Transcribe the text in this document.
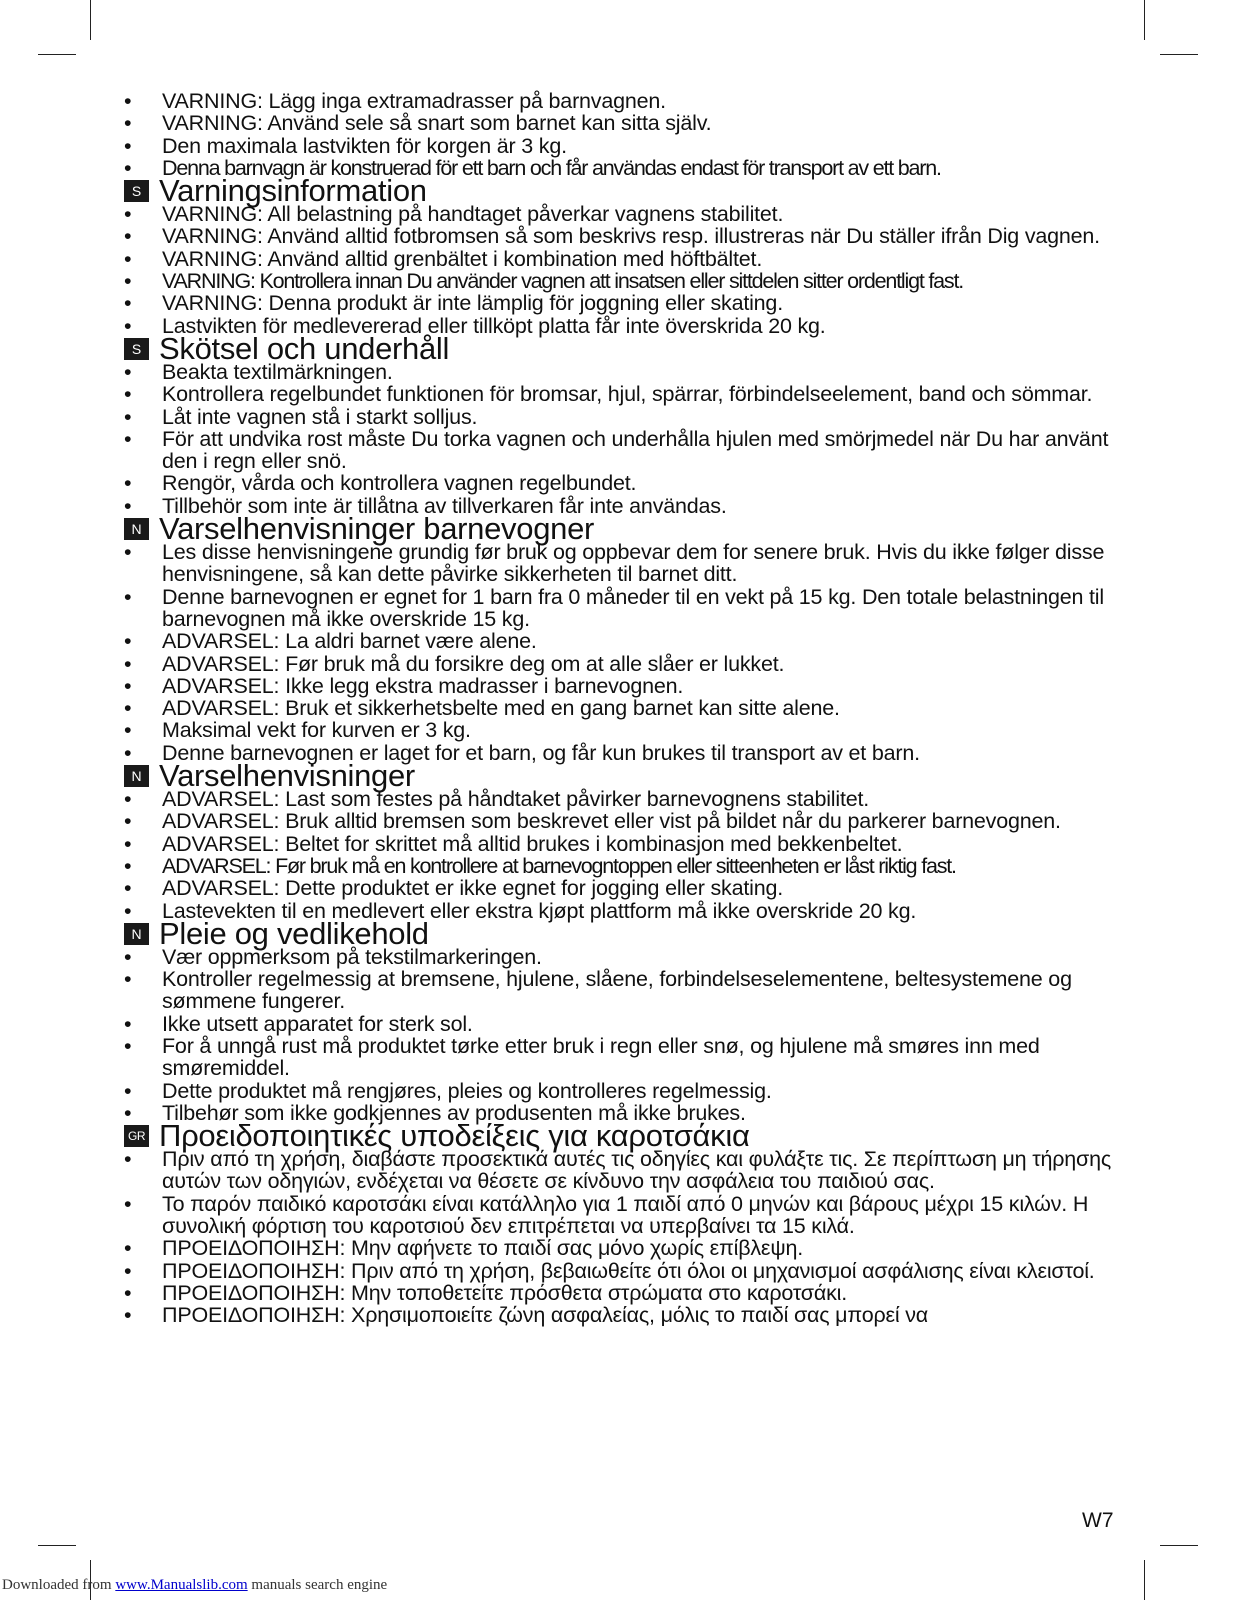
• VARNING: Lägg inga extramadrasser på barnvagnen.
• VARNING: Använd sele så snart som barnet kan sitta själv.
• Den maximala lastvikten för korgen är 3 kg.
• Denna barnvagn är konstruerad för ett barn och får användas endast för transport av ett barn.
S Varningsinformation
• VARNING: All belastning på handtaget påverkar vagnens stabilitet.
• VARNING: Använd alltid fotbromsen så som beskrivs resp. illustreras när Du ställer ifrån Dig vagnen.
• VARNING: Använd alltid grenbältet i kombination med höftbältet.
• VARNING: Kontrollera innan Du använder vagnen att insatsen eller sittdelen sitter ordentligt fast.
• VARNING: Denna produkt är inte lämplig för joggning eller skating.
• Lastvikten för medlevererad eller tillköpt platta får inte överskrida 20 kg.
S Skötsel och underhåll
• Beakta textilmärkningen.
• Kontrollera regelbundet funktionen för bromsar, hjul, spärrar, förbindelseelement, band och sömmar.
• Låt inte vagnen stå i starkt solljus.
• För att undvika rost måste Du torka vagnen och underhålla hjulen med smörjmedel när Du har använt den i regn eller snö.
• Rengör, vårda och kontrollera vagnen regelbundet.
• Tillbehör som inte är tillåtna av tillverkaren får inte användas.
N Varselhenvisninger barnevogner
• Les disse henvisningene grundig før bruk og oppbevar dem for senere bruk. Hvis du ikke følger disse henvisningene, så kan dette påvirke sikkerheten til barnet ditt.
• Denne barnevognen er egnet for 1 barn fra 0 måneder til en vekt på 15 kg. Den totale belastningen til barnevognen må ikke overskride 15 kg.
• ADVARSEL: La aldri barnet være alene.
• ADVARSEL: Før bruk må du forsikre deg om at alle slåer er lukket.
• ADVARSEL: Ikke legg ekstra madrasser i barnevognen.
• ADVARSEL: Bruk et sikkerhetsbelte med en gang barnet kan sitte alene.
• Maksimal vekt for kurven er 3 kg.
• Denne barnevognen er laget for et barn, og får kun brukes til transport av et barn.
N Varselhenvisninger
• ADVARSEL: Last som festes på håndtaket påvirker barnevognens stabilitet.
• ADVARSEL: Bruk alltid bremsen som beskrevet eller vist på bildet når du parkerer barnevognen.
• ADVARSEL: Beltet for skrittet må alltid brukes i kombinasjon med bekkenbeltet.
• ADVARSEL: Før bruk må en kontrollere at barnevogntoppen eller sitteenheten er låst riktig fast.
• ADVARSEL: Dette produktet er ikke egnet for jogging eller skating.
• Lastevekten til en medlevert eller ekstra kjøpt plattform må ikke overskride 20 kg.
N Pleie og vedlikehold
• Vær oppmerksom på tekstilmarkeringen.
• Kontroller regelmessig at bremsene, hjulene, slåene, forbindelseselementene, beltesystemene og sømmene fungerer.
• Ikke utsett apparatet for sterk sol.
• For å unngå rust må produktet tørke etter bruk i regn eller snø, og hjulene må smøres inn med smøremiddel.
• Dette produktet må rengjøres, pleies og kontrolleres regelmessig.
• Tilbehør som ikke godkjennes av produsenten må ikke brukes.
GR Προειδοποιητικές υποδείξεις για καροτσάκια
• Πριν από τη χρήση, διαβάστε προσεκτικά αυτές τις οδηγίες και φυλάξτε τις. Σε περίπτωση μη τήρησης αυτών των οδηγιών, ενδέχεται να θέσετε σε κίνδυνο την ασφάλεια του παιδιού σας.
• Το παρόν παιδικό καροτσάκι είναι κατάλληλο για 1 παιδί από 0 μηνών και βάρους μέχρι 15 κιλών. Η συνολική φόρτιση του καροτσιού δεν επιτρέπεται να υπερβαίνει τα 15 κιλά.
• ΠΡΟΕΙΔΟΠΟΙΗΣΗ: Μην αφήνετε το παιδί σας μόνο χωρίς επίβλεψη.
• ΠΡΟΕΙΔΟΠΟΙΗΣΗ: Πριν από τη χρήση, βεβαιωθείτε ότι όλοι οι μηχανισμοί ασφάλισης είναι κλειστοί.
• ΠΡΟΕΙΔΟΠΟΙΗΣΗ: Μην τοποθετείτε πρόσθετα στρώματα στο καροτσάκι.
• ΠΡΟΕΙΔΟΠΟΙΗΣΗ: Χρησιμοποιείτε ζώνη ασφαλείας, μόλις το παιδί σας μπορεί να
W7
Downloaded from www.Manualslib.com manuals search engine
